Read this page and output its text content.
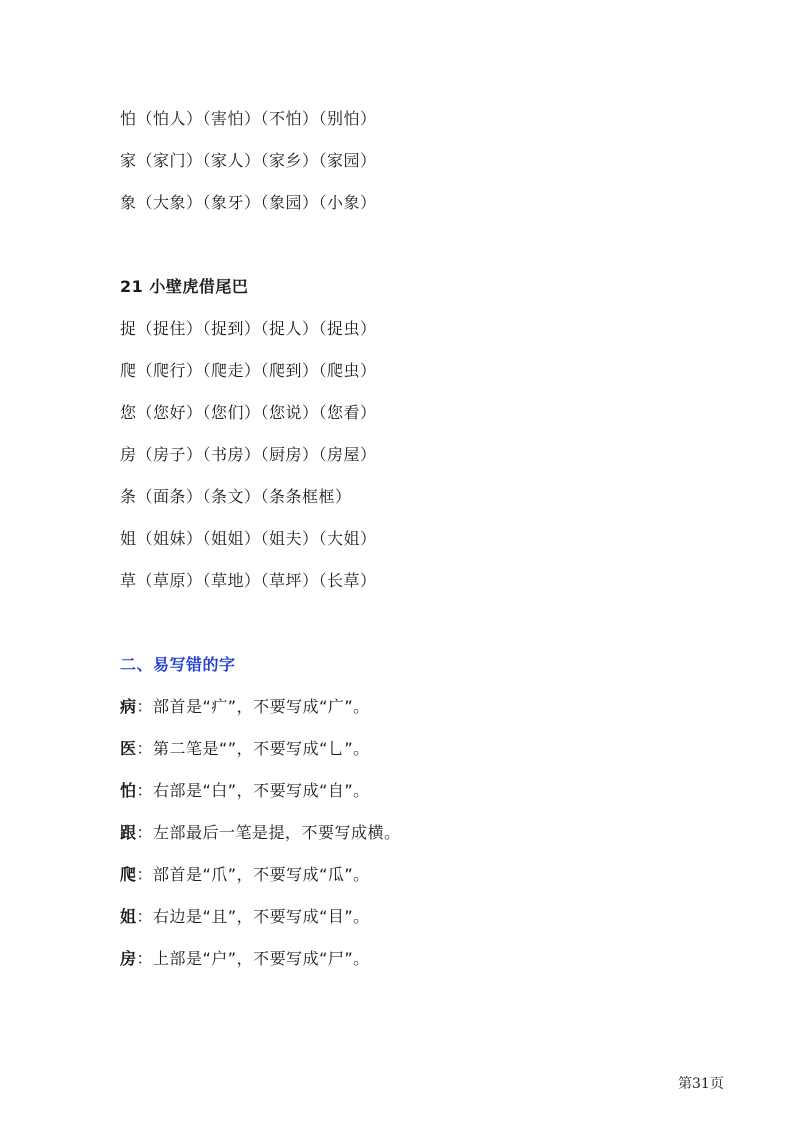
怕（怕人）（害怕）（不怕）（别怕）
家（家门）（家人）（家乡）（家园）
象（大象）（象牙）（象园）（小象）
21 小壁虎借尾巴
捉（捉住）（捉到）（捉人）（捉虫）
爬（爬行）（爬走）（爬到）（爬虫）
您（您好）（您们）（您说）（您看）
房（房子）（书房）（厨房）（房屋）
条（面条）（条文）（条条框框）
姐（姐妹）（姐姐）（姐夫）（大姐）
草（草原）（草地）（草坪）（长草）
二、易写错的字
病：部首是“疒”，不要写成“广”。
医：第二笔是“”，不要写成“乚”。
怕：右部是“白”，不要写成“自”。
跟：左部最后一笔是提，不要写成横。
爬：部首是“爪”，不要写成“瓜”。
姐：右边是“且”，不要写成“目”。
房：上部是“户”，不要写成“尸”。
第31页
